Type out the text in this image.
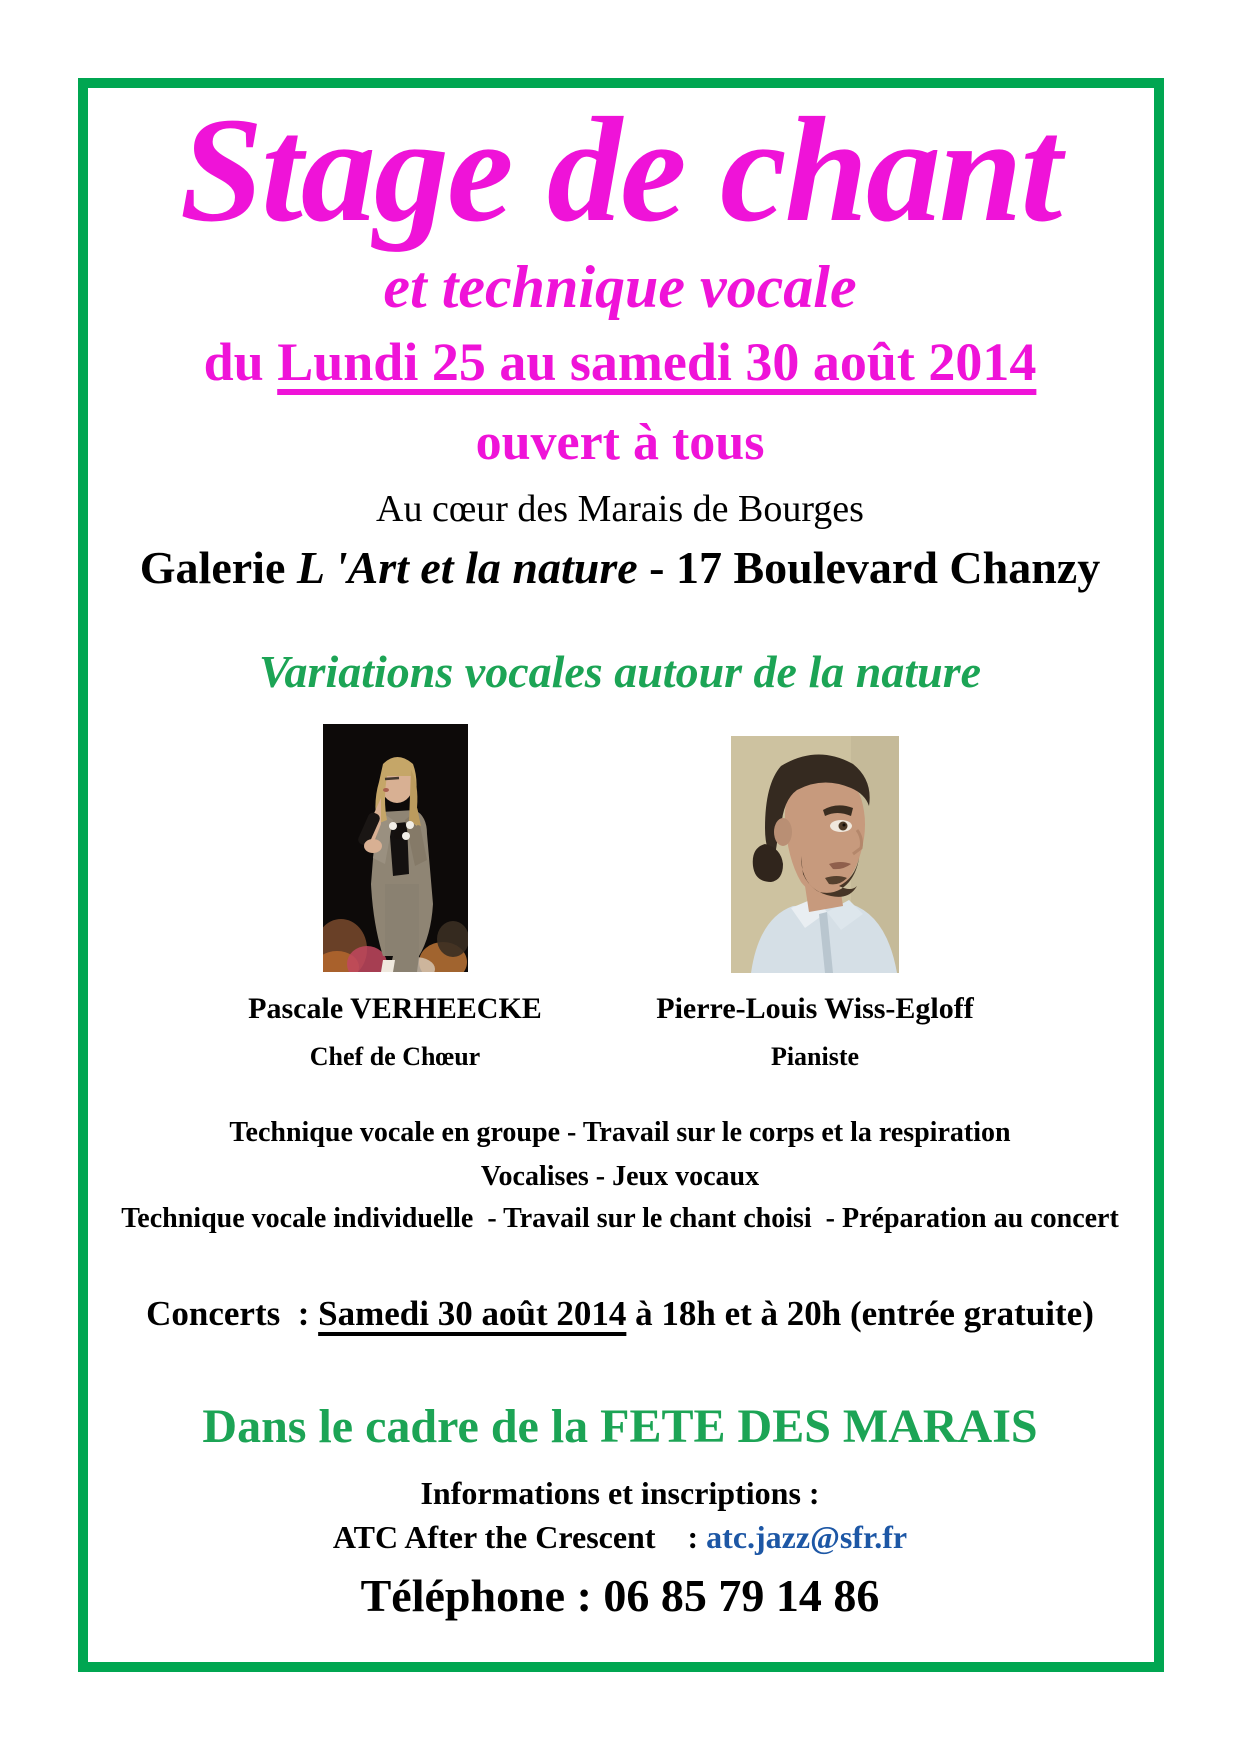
Stage de chant
et technique vocale
du Lundi 25 au samedi 30 août 2014
ouvert à tous
Au cœur des Marais de Bourges
Galerie L 'Art et la nature - 17 Boulevard Chanzy
Variations vocales autour de la nature
Pascale VERHEECKE
Chef de Chœur
Pierre-Louis Wiss-Egloff
Pianiste
Technique vocale en groupe - Travail sur le corps et la respiration
Vocalises - Jeux vocaux
Technique vocale individuelle  - Travail sur le chant choisi  - Préparation au concert
Concerts  : Samedi 30 août 2014 à 18h et à 20h (entrée gratuite)
Dans le cadre de la FETE DES MARAIS
Informations et inscriptions :
ATC After the Crescent    : atc.jazz@sfr.fr
Téléphone : 06 85 79 14 86
